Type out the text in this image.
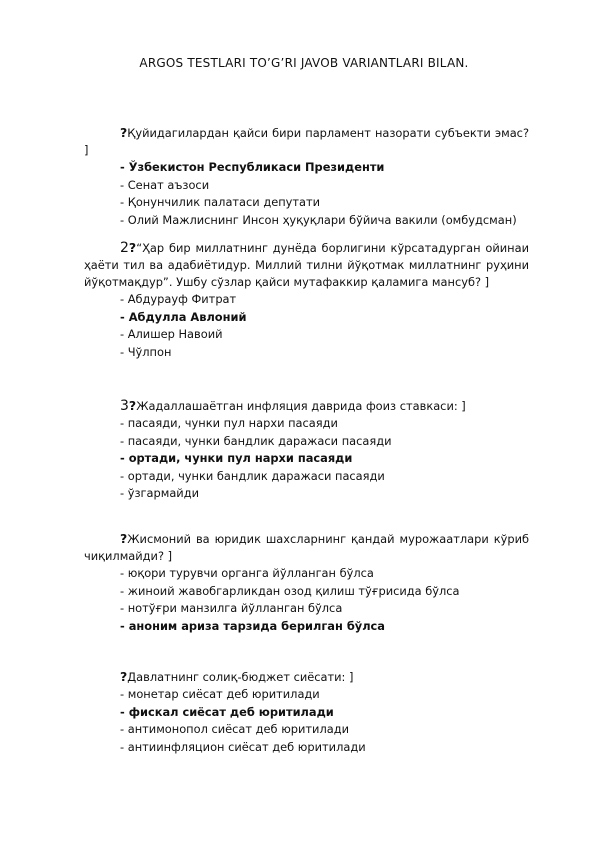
ARGOS TESTLARI TO’G’RI JAVOB VARIANTLARI BILAN.

?Қуйидагилардан қайси бири парламент назорати субъекти эмас? ]

- Ўзбекистон Республикаси Президенти
- Сенат аъзоси
- Қонунчилик палатаси депутати
- Олий Мажлиснинг Инсон ҳуқуқлари бўйича вакили (омбудсман)

2?“Ҳар бир миллатнинг дунёда борлигини кўрсатадурган ойинаи ҳаёти тил ва адабиётидур. Миллий тилни йўқотмак миллатнинг руҳини йўқотмақдур”. Ушбу сўзлар қайси мутафаккир қаламига мансуб? ]

- Абдурауф Фитрат
- Абдулла Авлоний
- Алишер Навоий
- Чўлпон

3?Жадаллашаётган инфляция даврида фоиз ставкаси: ]

- пасаяди, чунки пул нархи пасаяди
- пасаяди, чунки бандлик даражаси пасаяди
- ортади, чунки пул нархи пасаяди
- ортади, чунки бандлик даражаси пасаяди
- ўзгармайди

?Жисмоний ва юридик шахсларнинг қандай мурожаатлари кўриб чиқилмайди? ]

- юқори турувчи органга йўлланган бўлса
- жиноий жавобгарликдан озод қилиш тўғрисида бўлса
- нотўғри манзилга йўлланган бўлса
- аноним ариза тарзида берилган бўлса

?Давлатнинг солиқ-бюджет сиёсати: ]

- монетар сиёсат деб юритилади
- фискал сиёсат деб юритилади
- антимонопол сиёсат деб юритилади
- антиинфляцион сиёсат деб юритилади
